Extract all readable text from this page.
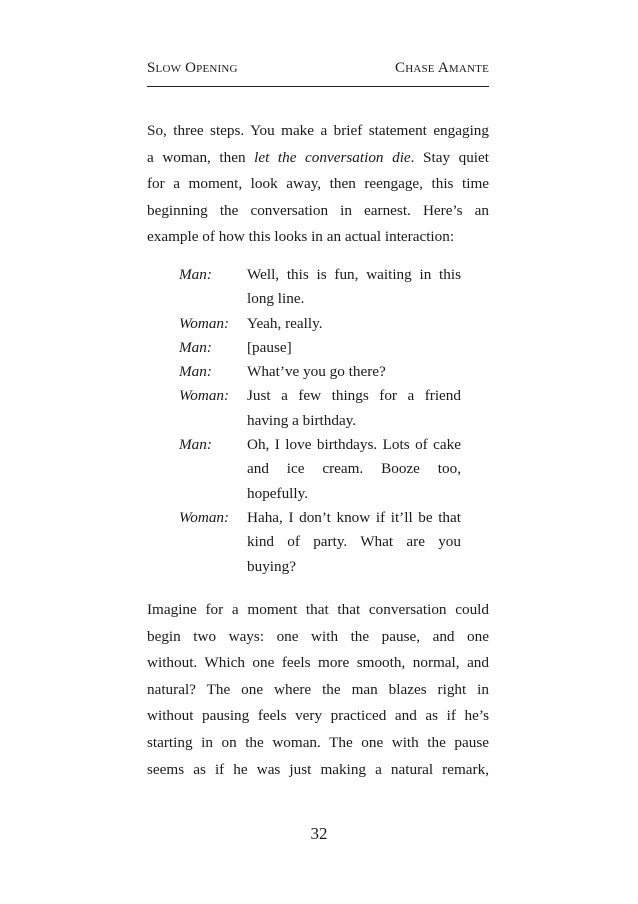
Slow Opening	Chase Amante
So, three steps. You make a brief statement engaging
a woman, then let the conversation die. Stay quiet
for a moment, look away, then reengage, this time
beginning the conversation in earnest. Here’s an
example of how this looks in an actual interaction:
Man:	Well, this is fun, waiting in this
long line.
Woman:	Yeah, really.
Man:	[pause]
Man:	What’ve you go there?
Woman:	Just a few things for a friend
having a birthday.
Man:	Oh, I love birthdays. Lots of cake
and ice cream. Booze too,
hopefully.
Woman:	Haha, I don’t know if it’ll be that
kind of party. What are you
buying?
Imagine for a moment that that conversation could
begin two ways: one with the pause, and one
without. Which one feels more smooth, normal, and
natural? The one where the man blazes right in
without pausing feels very practiced and as if he’s
starting in on the woman. The one with the pause
seems as if he was just making a natural remark,
32
